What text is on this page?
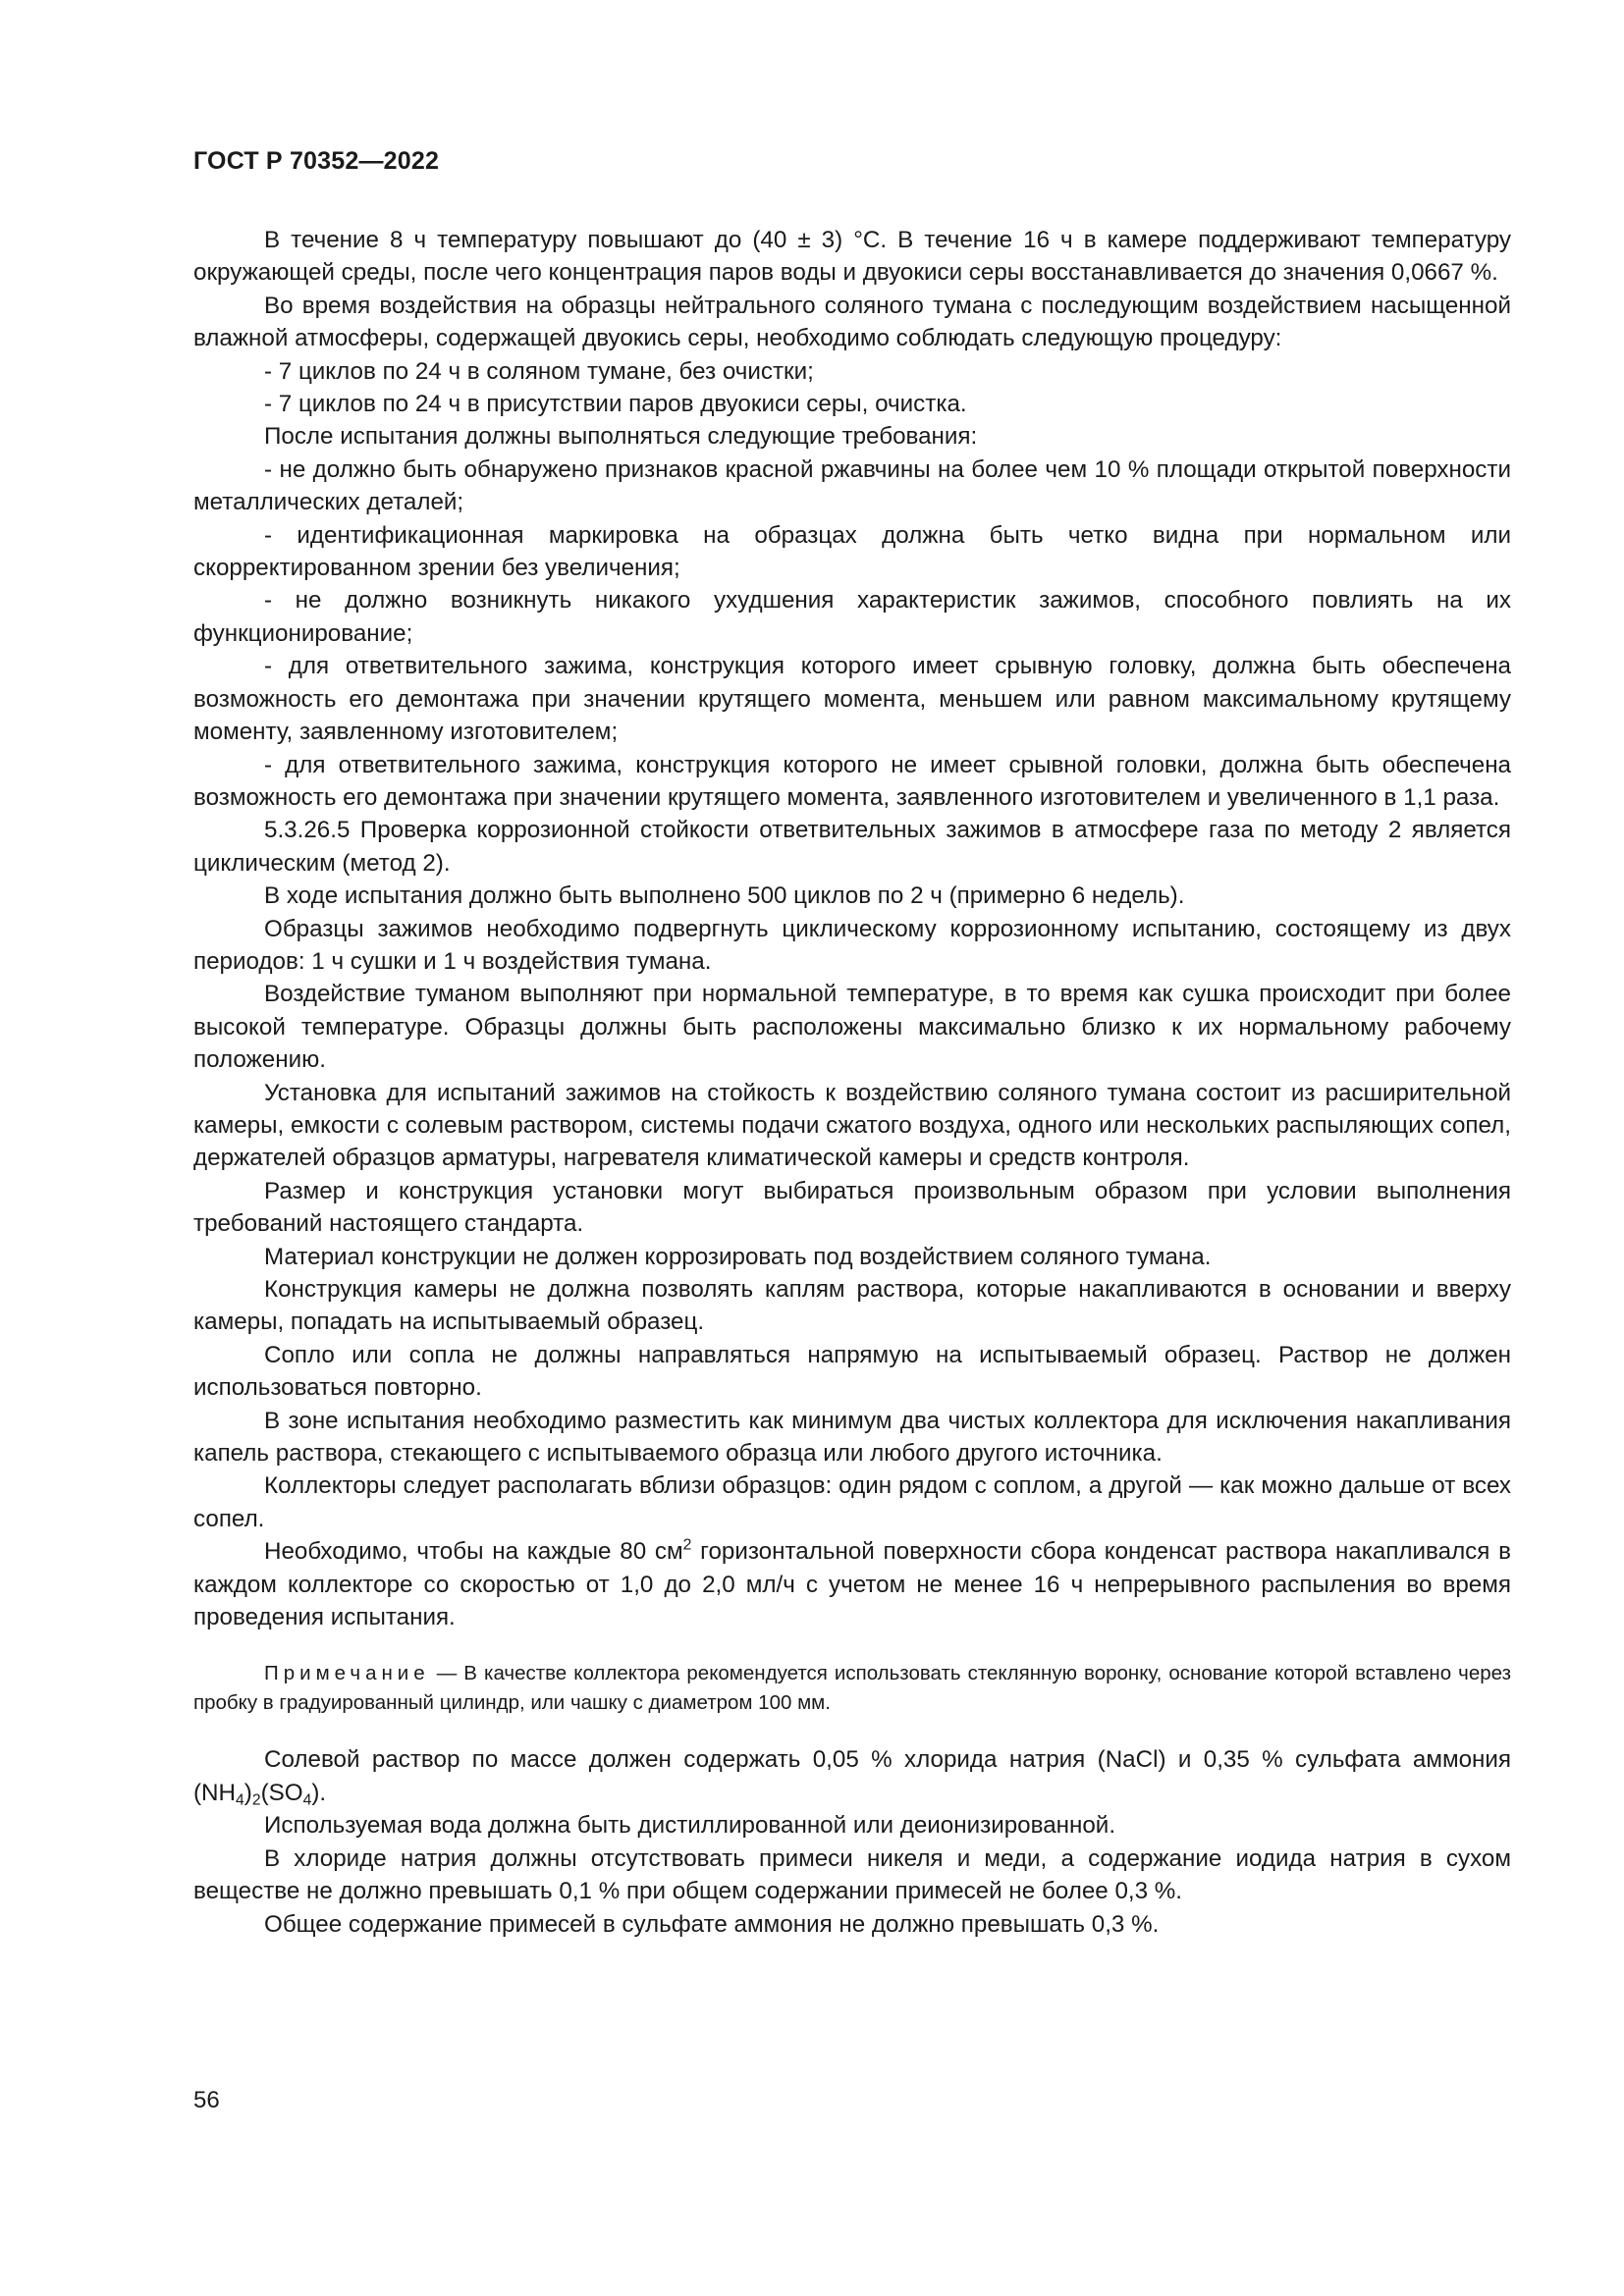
ГОСТ Р 70352—2022

В течение 8 ч температуру повышают до (40 ± 3) °С. В течение 16 ч в камере поддерживают температуру окружающей среды, после чего концентрация паров воды и двуокиси серы восстанавливается до значения 0,0667 %.

Во время воздействия на образцы нейтрального соляного тумана с последующим воздействием насыщенной влажной атмосферы, содержащей двуокись серы, необходимо соблюдать следующую процедуру:

- 7 циклов по 24 ч в соляном тумане, без очистки;

- 7 циклов по 24 ч в присутствии паров двуокиси серы, очистка.

После испытания должны выполняться следующие требования:

- не должно быть обнаружено признаков красной ржавчины на более чем 10 % площади открытой поверхности металлических деталей;

- идентификационная маркировка на образцах должна быть четко видна при нормальном или скорректированном зрении без увеличения;

- не должно возникнуть никакого ухудшения характеристик зажимов, способного повлиять на их функционирование;

- для ответвительного зажима, конструкция которого имеет срывную головку, должна быть обеспечена возможность его демонтажа при значении крутящего момента, меньшем или равном максимальному крутящему моменту, заявленному изготовителем;

- для ответвительного зажима, конструкция которого не имеет срывной головки, должна быть обеспечена возможность его демонтажа при значении крутящего момента, заявленного изготовителем и увеличенного в 1,1 раза.

5.3.26.5 Проверка коррозионной стойкости ответвительных зажимов в атмосфере газа по методу 2 является циклическим (метод 2).

В ходе испытания должно быть выполнено 500 циклов по 2 ч (примерно 6 недель).

Образцы зажимов необходимо подвергнуть циклическому коррозионному испытанию, состоящему из двух периодов: 1 ч сушки и 1 ч воздействия тумана.

Воздействие туманом выполняют при нормальной температуре, в то время как сушка происходит при более высокой температуре. Образцы должны быть расположены максимально близко к их нормальному рабочему положению.

Установка для испытаний зажимов на стойкость к воздействию соляного тумана состоит из расширительной камеры, емкости с солевым раствором, системы подачи сжатого воздуха, одного или нескольких распыляющих сопел, держателей образцов арматуры, нагревателя климатической камеры и средств контроля.

Размер и конструкция установки могут выбираться произвольным образом при условии выполнения требований настоящего стандарта.

Материал конструкции не должен коррозировать под воздействием соляного тумана.

Конструкция камеры не должна позволять каплям раствора, которые накапливаются в основании и вверху камеры, попадать на испытываемый образец.

Сопло или сопла не должны направляться напрямую на испытываемый образец. Раствор не должен использоваться повторно.

В зоне испытания необходимо разместить как минимум два чистых коллектора для исключения накапливания капель раствора, стекающего с испытываемого образца или любого другого источника.

Коллекторы следует располагать вблизи образцов: один рядом с соплом, а другой — как можно дальше от всех сопел.

Необходимо, чтобы на каждые 80 $см^2$ горизонтальной поверхности сбора конденсат раствора накапливался в каждом коллекторе со скоростью от 1,0 до 2,0 мл/ч с учетом не менее 16 ч непрерывного распыления во время проведения испытания.

Примечание — В качестве коллектора рекомендуется использовать стеклянную воронку, основание которой вставлено через пробку в градуированный цилиндр, или чашку с диаметром 100 мм.

Солевой раствор по массе должен содержать 0,05 % хлорида натрия (NaCl) и 0,35 % сульфата аммония $(NH_4)_2(SO_4)$.

Используемая вода должна быть дистиллированной или деионизированной.

В хлориде натрия должны отсутствовать примеси никеля и меди, а содержание иодида натрия в сухом веществе не должно превышать 0,1 % при общем содержании примесей не более 0,3 %.

Общее содержание примесей в сульфате аммония не должно превышать 0,3 %.

56
